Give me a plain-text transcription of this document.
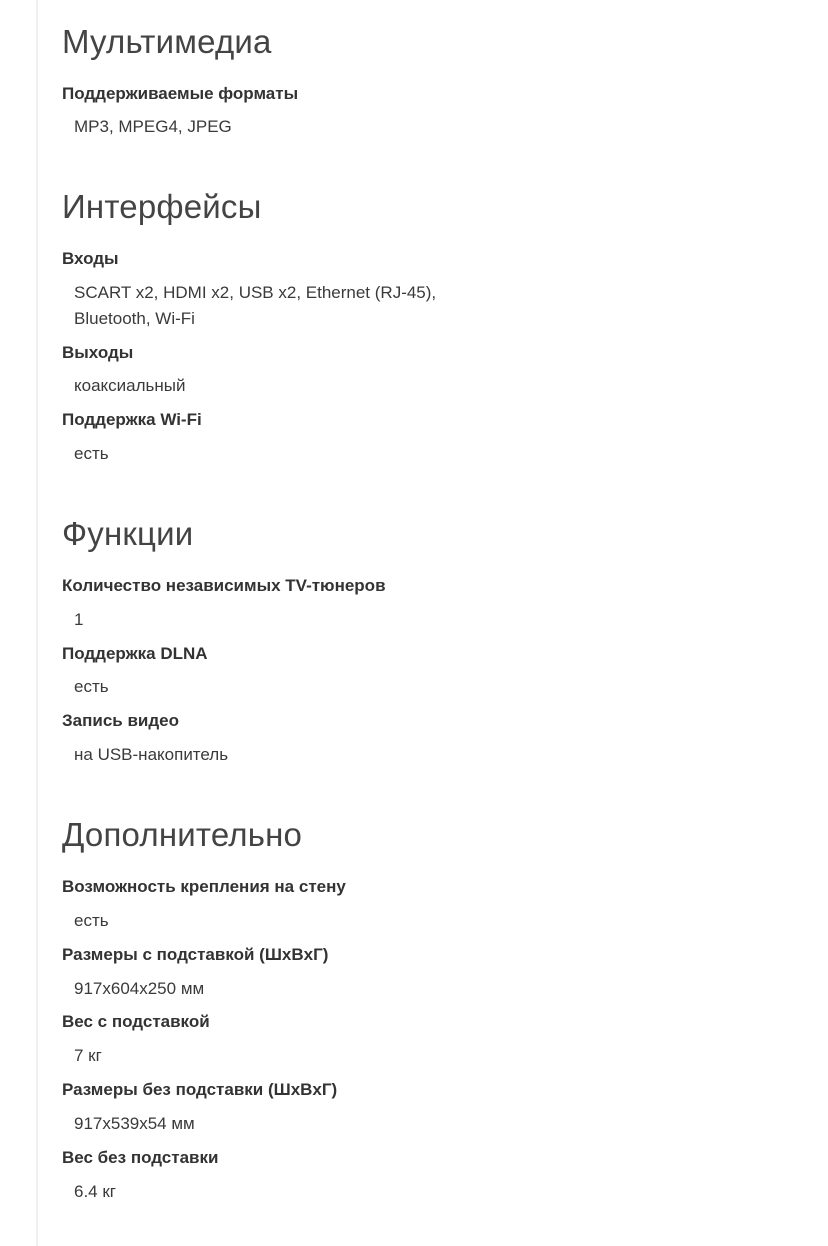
Мультимедиа
Поддерживаемые форматы
MP3, MPEG4, JPEG
Интерфейсы
Входы
SCART x2, HDMI x2, USB x2, Ethernet (RJ-45),
Bluetooth, Wi-Fi
Выходы
коаксиальный
Поддержка Wi-Fi
есть
Функции
Количество независимых TV-тюнеров
1
Поддержка DLNA
есть
Запись видео
на USB-накопитель
Дополнительно
Возможность крепления на стену
есть
Размеры с подставкой (ШxВxГ)
917x604x250 мм
Вес с подставкой
7 кг
Размеры без подставки (ШxВxГ)
917x539x54 мм
Вес без подставки
6.4 кг
